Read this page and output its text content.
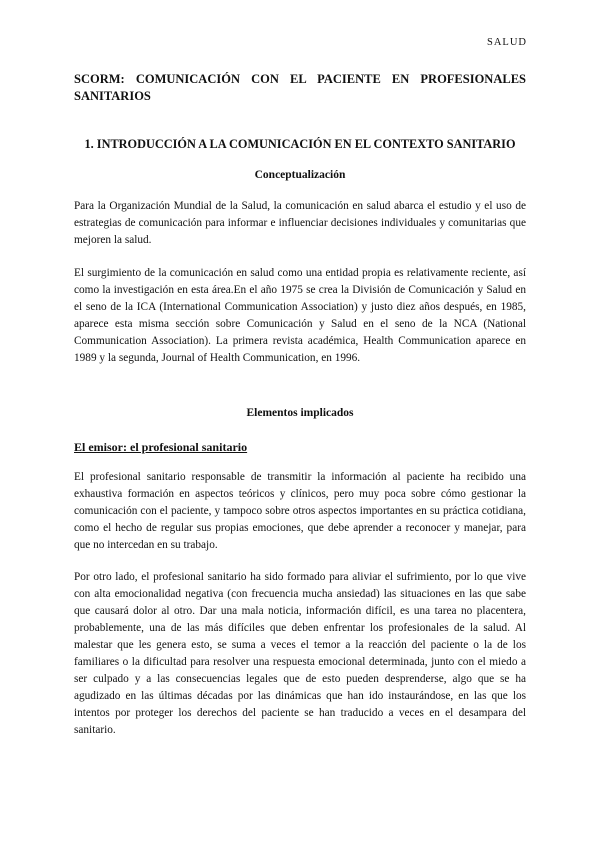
SALUD
SCORM: COMUNICACIÓN CON EL PACIENTE EN PROFESIONALES SANITARIOS
1. INTRODUCCIÓN A LA COMUNICACIÓN EN EL CONTEXTO SANITARIO
Conceptualización

Para la Organización Mundial de la Salud, la comunicación en salud abarca el estudio y el uso de estrategias de comunicación para informar e influenciar decisiones individuales y comunitarias que mejoren la salud.

El surgimiento de la comunicación en salud como una entidad propia es relativamente reciente, así como la investigación en esta área.En el año 1975 se crea la División de Comunicación y Salud en el seno de la ICA (International Communication Association) y justo diez años después, en 1985, aparece esta misma sección sobre Comunicación y Salud en el seno de la NCA (National Communication Association). La primera revista académica, Health Communication aparece en 1989 y la segunda, Journal of Health Communication, en 1996.

Elementos implicados
El emisor: el profesional sanitario

El profesional sanitario responsable de transmitir la información al paciente ha recibido una exhaustiva formación en aspectos teóricos y clínicos, pero muy poca sobre cómo gestionar la comunicación con el paciente, y tampoco sobre otros aspectos importantes en su práctica cotidiana, como el hecho de regular sus propias emociones, que debe aprender a reconocer y manejar, para que no intercedan en su trabajo.

Por otro lado, el profesional sanitario ha sido formado para aliviar el sufrimiento, por lo que vive con alta emocionalidad negativa (con frecuencia mucha ansiedad) las situaciones en las que sabe que causará dolor al otro. Dar una mala noticia, información difícil, es una tarea no placentera, probablemente, una de las más difíciles que deben enfrentar los profesionales de la salud. Al malestar que les genera esto, se suma a veces el temor a la reacción del paciente o la de los familiares o la dificultad para resolver una respuesta emocional determinada, junto con el miedo a ser culpado y a las consecuencias legales que de esto pueden desprenderse, algo que se ha agudizado en las últimas décadas por las dinámicas que han ido instaurándose, en las que los intentos por proteger los derechos del paciente se han traducido a veces en el desampara del sanitario.
